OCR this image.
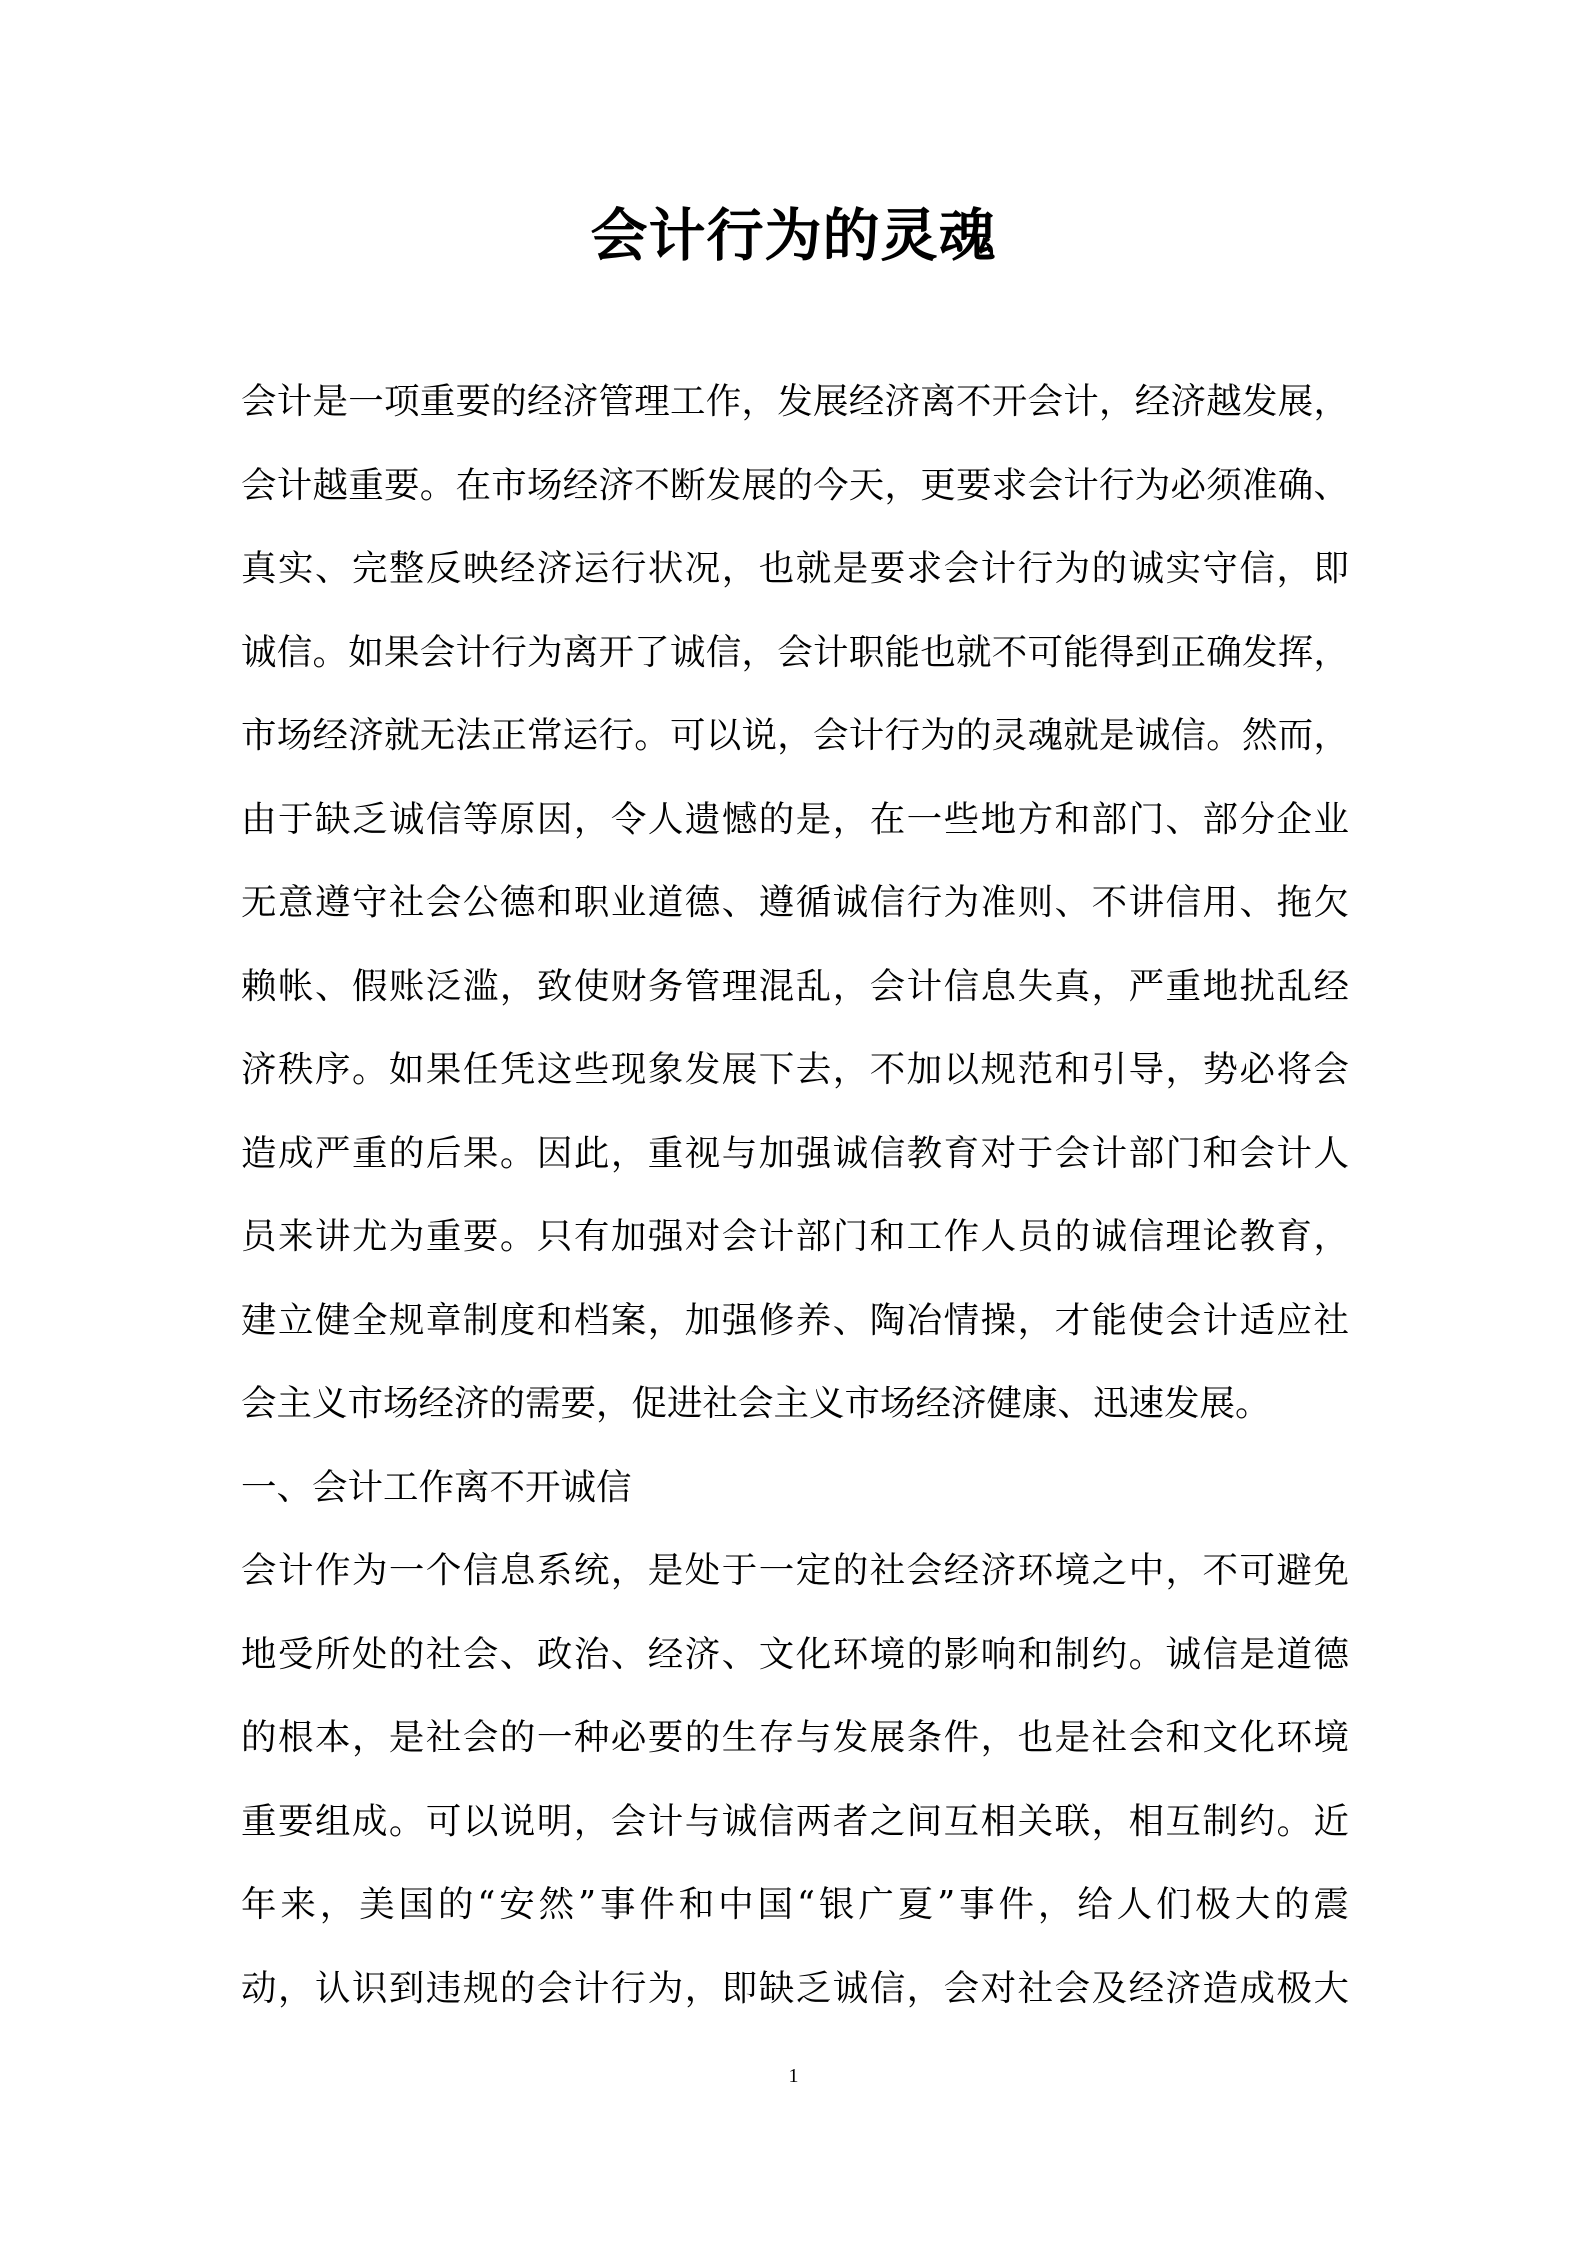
会计行为的灵魂
会计是一项重要的经济管理工作，发展经济离不开会计，经济越发展，
会计越重要。在市场经济不断发展的今天，更要求会计行为必须准确、
真实、完整反映经济运行状况，也就是要求会计行为的诚实守信，即
诚信。如果会计行为离开了诚信，会计职能也就不可能得到正确发挥，
市场经济就无法正常运行。可以说，会计行为的灵魂就是诚信。然而，
由于缺乏诚信等原因，令人遗憾的是，在一些地方和部门、部分企业
无意遵守社会公德和职业道德、遵循诚信行为准则、不讲信用、拖欠
赖帐、假账泛滥，致使财务管理混乱，会计信息失真，严重地扰乱经
济秩序。如果任凭这些现象发展下去，不加以规范和引导，势必将会
造成严重的后果。因此，重视与加强诚信教育对于会计部门和会计人
员来讲尤为重要。只有加强对会计部门和工作人员的诚信理论教育，
建立健全规章制度和档案，加强修养、陶冶情操，才能使会计适应社
会主义市场经济的需要，促进社会主义市场经济健康、迅速发展。
一、会计工作离不开诚信
会计作为一个信息系统，是处于一定的社会经济环境之中，不可避免
地受所处的社会、政治、经济、文化环境的影响和制约。诚信是道德
的根本，是社会的一种必要的生存与发展条件，也是社会和文化环境
重要组成。可以说明，会计与诚信两者之间互相关联，相互制约。近
年来，美国的“安然”事件和中国“银广夏”事件，给人们极大的震
动，认识到违规的会计行为，即缺乏诚信，会对社会及经济造成极大
1
